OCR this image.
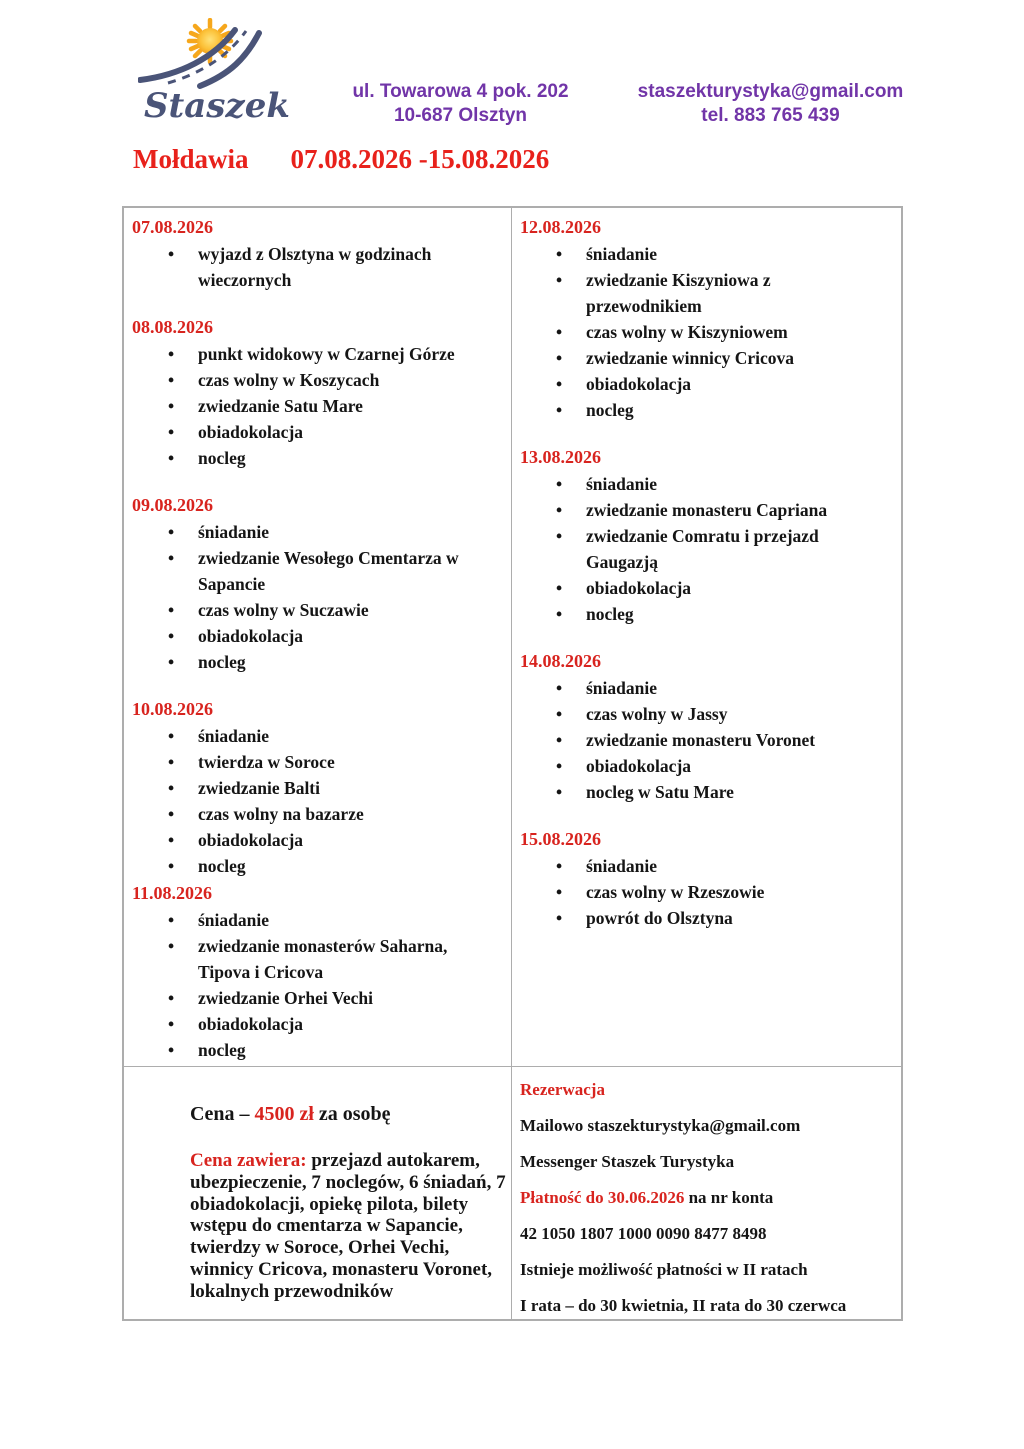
Staszek	ul. Towarowa 4 pok. 202
10-687 Olsztyn
staszekturystyka@gmail.com
tel. 883 765 439
Mołdawia 07.08.2026 -15.08.2026
07.08.2026
• wyjazd z Olsztyna w godzinach wieczornych
08.08.2026
• punkt widokowy w Czarnej Górze
• czas wolny w Koszycach
• zwiedzanie Satu Mare
• obiadokolacja
• nocleg
09.08.2026
• śniadanie
• zwiedzanie Wesołego Cmentarza w Sapancie
• czas wolny w Suczawie
• obiadokolacja
• nocleg
10.08.2026
• śniadanie
• twierdza w Soroce
• zwiedzanie Balti
• czas wolny na bazarze
• obiadokolacja
• nocleg
11.08.2026
• śniadanie
• zwiedzanie monasterów Saharna, Tipova i Cricova
• zwiedzanie Orhei Vechi
• obiadokolacja
• nocleg
12.08.2026
• śniadanie
• zwiedzanie Kiszyniowa z przewodnikiem
• czas wolny w Kiszyniowem
• zwiedzanie winnicy Cricova
• obiadokolacja
• nocleg
13.08.2026
• śniadanie
• zwiedzanie monasteru Capriana
• zwiedzanie Comratu i przejazd Gaugazją
• obiadokolacja
• nocleg
14.08.2026
• śniadanie
• czas wolny w Jassy
• zwiedzanie monasteru Voronet
• obiadokolacja
• nocleg w Satu Mare
15.08.2026
• śniadanie
• czas wolny w Rzeszowie
• powrót do Olsztyna

Cena – 4500 zł za osobę

Cena zawiera: przejazd autokarem, ubezpieczenie, 7 noclegów, 6 śniadań, 7 obiadokolacji, opiekę pilota, bilety wstępu do cmentarza w Sapancie, twierdzy w Soroce, Orhei Vechi, winnicy Cricova, monasteru Voronet, lokalnych przewodników

Rezerwacja
Mailowo staszekturystyka@gmail.com
Messenger Staszek Turystyka
Płatność do 30.06.2026 na nr konta
42 1050 1807 1000 0090 8477 8498
Istnieje możliwość płatności w II ratach
I rata – do 30 kwietnia, II rata do 30 czerwca
